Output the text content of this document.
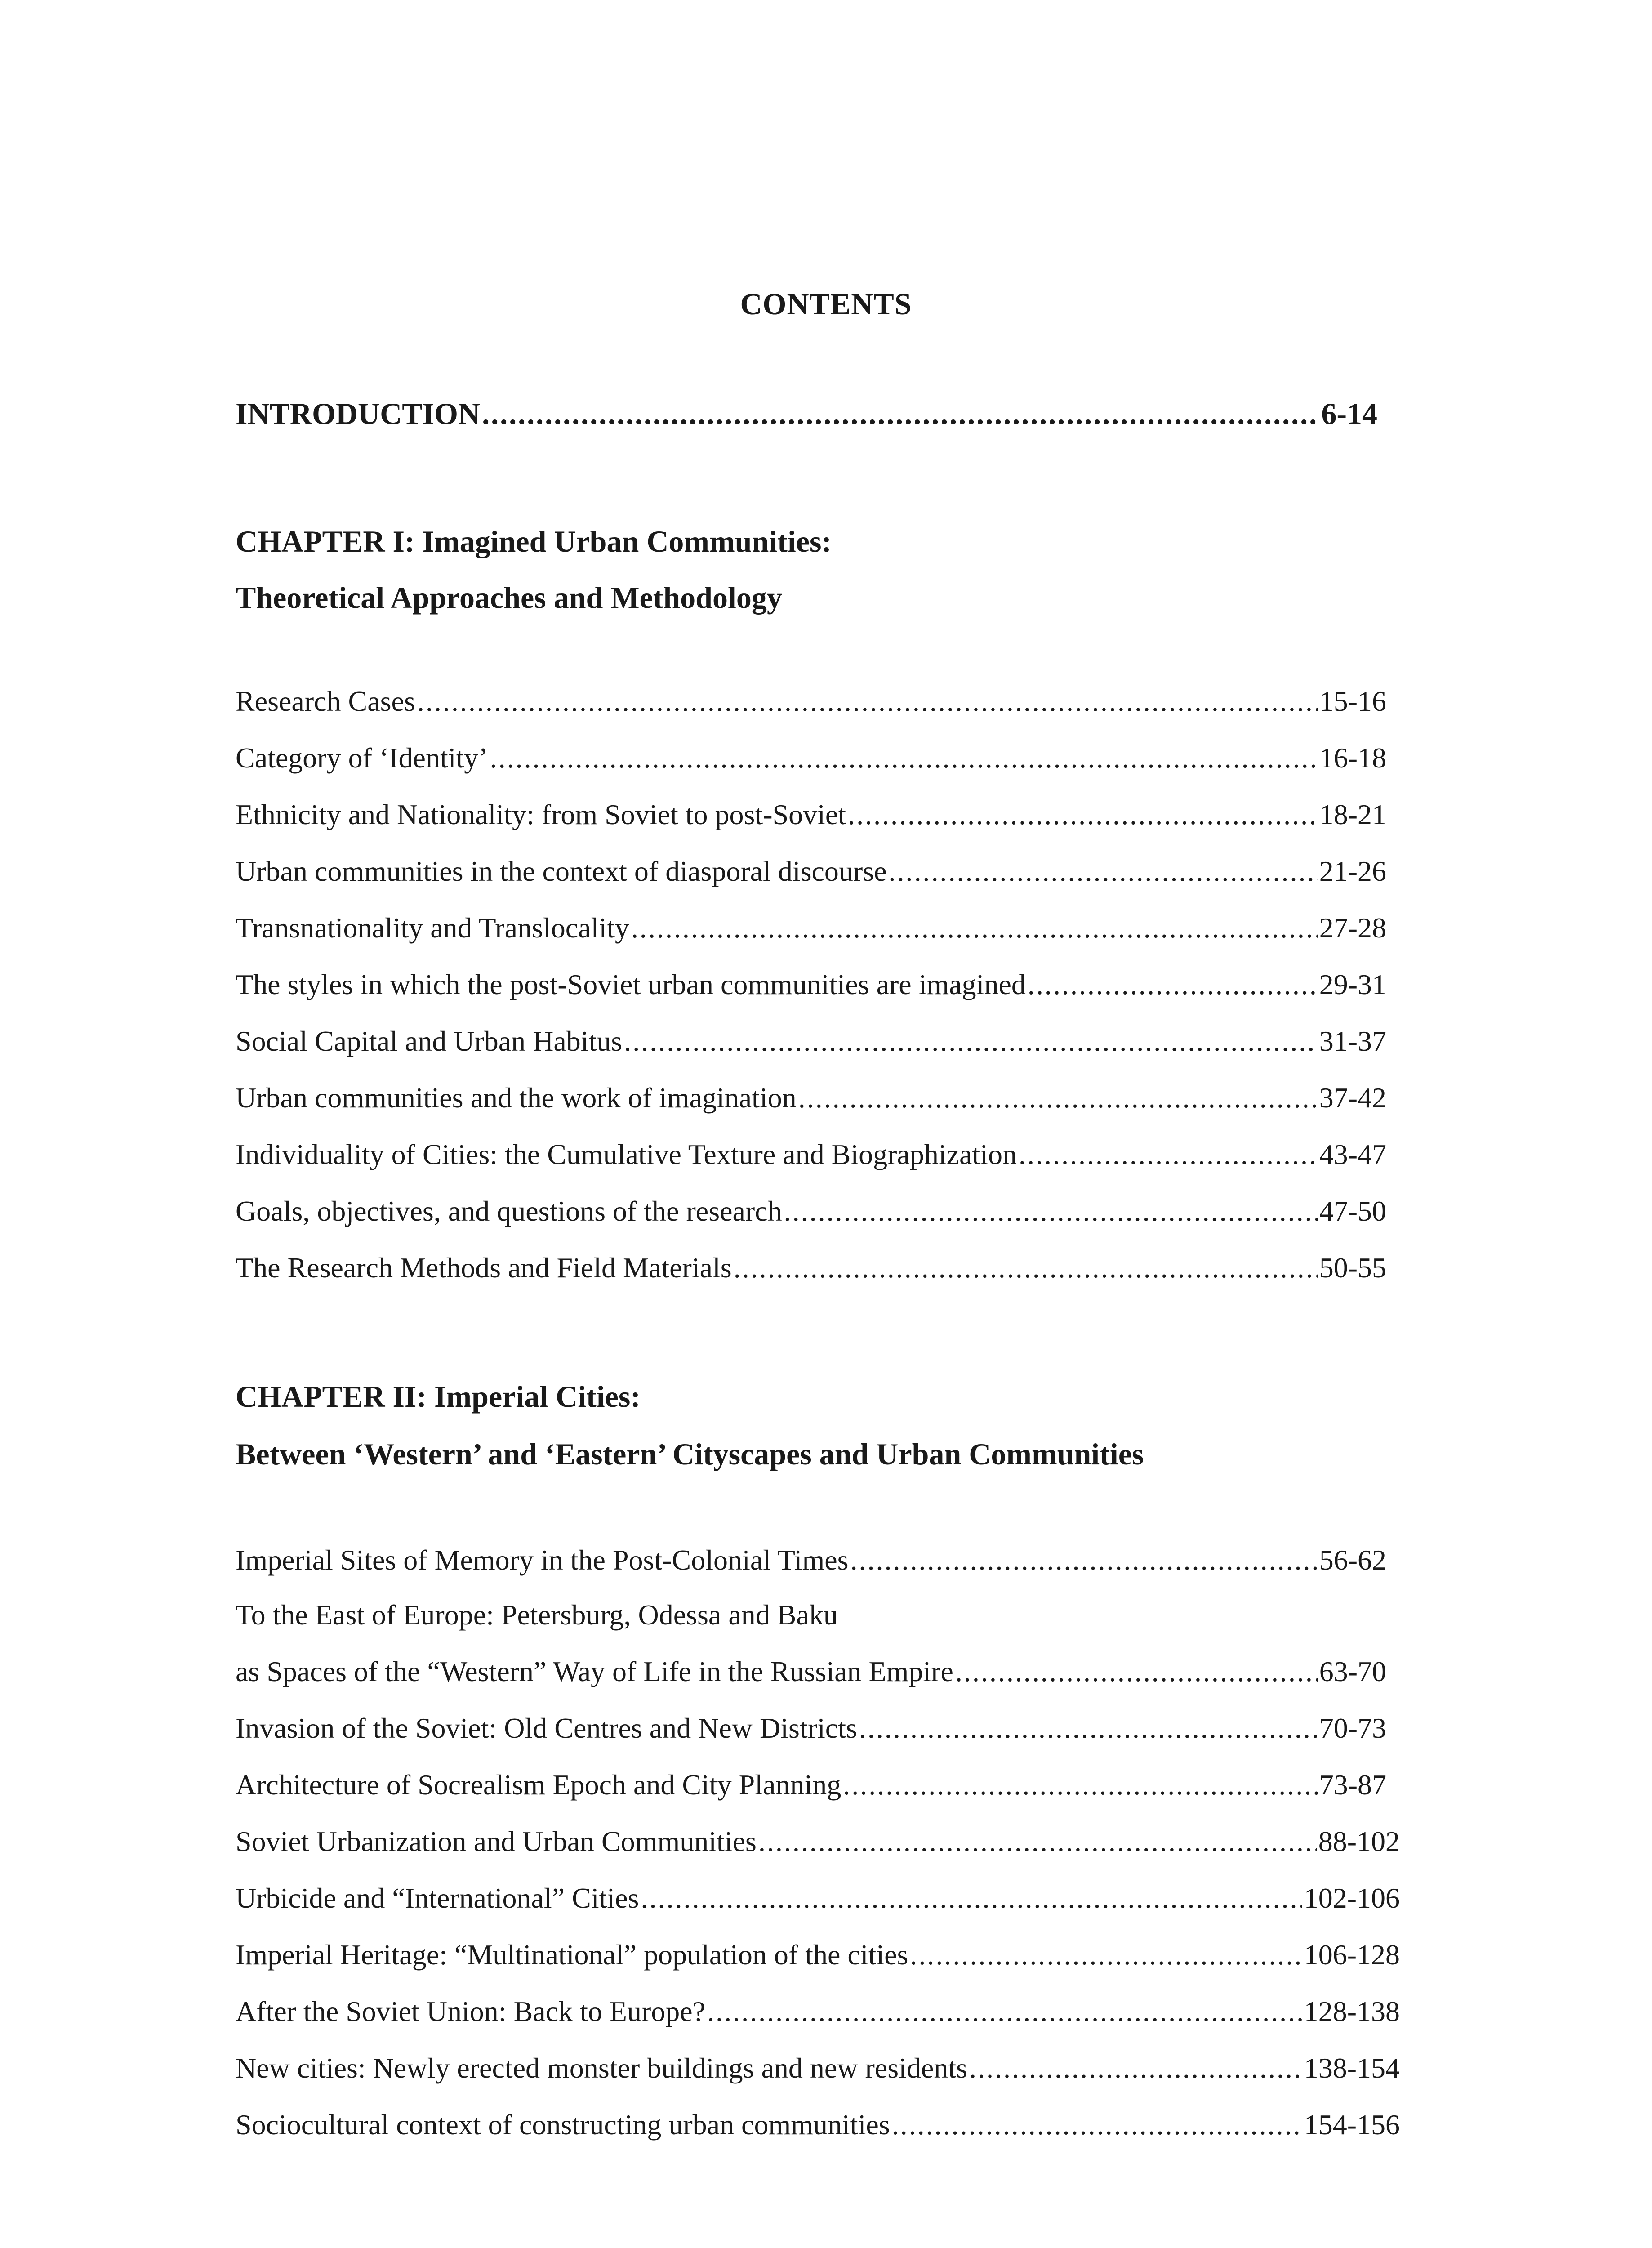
CONTENTS
INTRODUCTION .....	6-14
CHAPTER I: Imagined Urban Communities:
Theoretical Approaches and Methodology
Research Cases .....	15-16
Category of ‘Identity’ .....	16-18
Ethnicity and Nationality: from Soviet to post-Soviet .....	18-21
Urban communities in the context of diasporal discourse .....	21-26
Transnationality and Translocality .....	27-28
The styles in which the post-Soviet urban communities are imagined .....	29-31
Social Capital and Urban Habitus .....	31-37
Urban communities and the work of imagination .....	37-42
Individuality of Cities: the Cumulative Texture and Biographization .....	43-47
Goals, objectives, and questions of the research .....	47-50
The Research Methods and Field Materials .....	50-55
CHAPTER II: Imperial Cities:
Between ‘Western’ and ‘Eastern’ Cityscapes and Urban Communities
Imperial Sites of Memory in the Post-Colonial Times .....	56-62
To the East of Europe: Petersburg, Odessa and Baku
as Spaces of the “Western” Way of Life in the Russian Empire .....	63-70
Invasion of the Soviet: Old Centres and New Districts .....	70-73
Architecture of Socrealism Epoch and City Planning .....	73-87
Soviet Urbanization and Urban Communities .....	88-102
Urbicide and “International” Cities .....	102-106
Imperial Heritage: “Multinational” population of the cities .....	106-128
After the Soviet Union: Back to Europe? .....	128-138
New cities: Newly erected monster buildings and new residents .....	138-154
Sociocultural context of constructing urban communities .....	154-156
